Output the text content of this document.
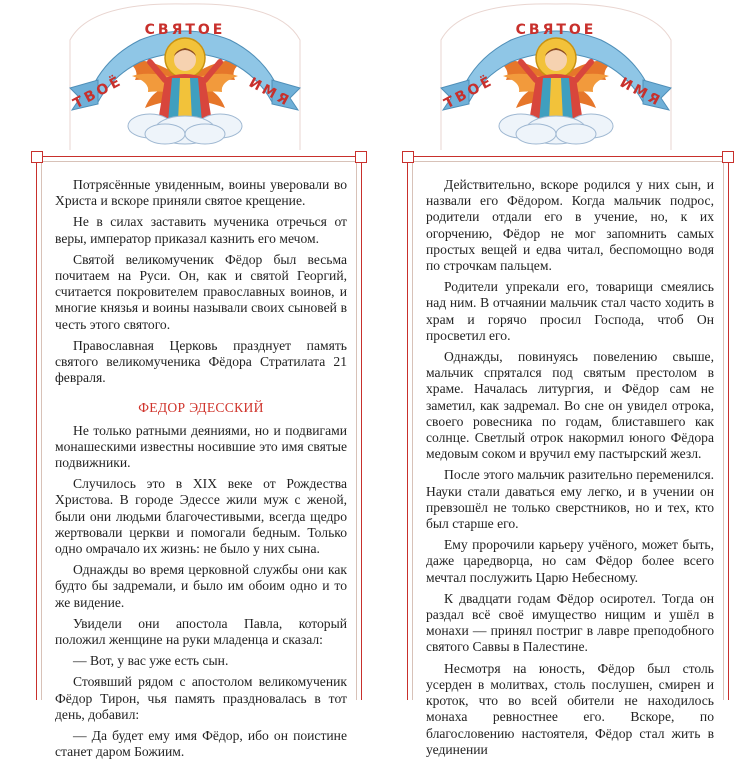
СВЯТОЕ
ТВОЁ	ИМЯ

Потрясённые увиденным, воины уверовали во Христа и вскоре приняли святое крещение.

Не в силах заставить мученика отречься от веры, император приказал казнить его мечом.

Святой великомученик Фёдор был весьма почитаем на Руси. Он, как и святой Георгий, считается покровителем православных воинов, и многие князья и воины называли своих сыновей в честь этого святого.

Православная Церковь празднует память святого великомученика Фёдора Стратилата 21 февраля.

ФЕДОР ЭДЕССКИЙ

Не только ратными деяниями, но и подвигами монашескими известны носившие это имя святые подвижники.

Случилось это в XIX веке от Рождества Христова. В городе Эдессе жили муж с женой, были они людьми благочестивыми, всегда щедро жертвовали церкви и помогали бедным. Только одно омрачало их жизнь: не было у них сына.

Однажды во время церковной службы они как будто бы задремали, и было им обоим одно и то же видение.

Увидели они апостола Павла, который положил женщине на руки младенца и сказал:

— Вот, у вас уже есть сын.

Стоявший рядом с апостолом великомученик Фёдор Тирон, чья память праздновалась в тот день, добавил:

— Да будет ему имя Фёдор, ибо он поистине станет даром Божиим.

СВЯТОЕ
ТВОЁ	ИМЯ

Действительно, вскоре родился у них сын, и назвали его Фёдором. Когда мальчик подрос, родители отдали его в учение, но, к их огорчению, Фёдор не мог запомнить самых простых вещей и едва читал, беспомощно водя по строчкам пальцем.

Родители упрекали его, товарищи смеялись над ним. В отчаянии мальчик стал часто ходить в храм и горячо просил Господа, чтоб Он просветил его.

Однажды, повинуясь повелению свыше, мальчик спрятался под святым престолом в храме. Началась литургия, и Фёдор сам не заметил, как задремал. Во сне он увидел отрока, своего ровесника по годам, блиставшего как солнце. Светлый отрок накормил юного Фёдора медовым соком и вручил ему пастырский жезл.

После этого мальчик разительно переменился. Науки стали даваться ему легко, и в учении он превзошёл не только сверстников, но и тех, кто был старше его.

Ему пророчили карьеру учёного, может быть, даже царедворца, но сам Фёдор более всего мечтал послужить Царю Небесному.

К двадцати годам Фёдор осиротел. Тогда он раздал всё своё имущество нищим и ушёл в монахи — принял постриг в лавре преподобного святого Саввы в Палестине.

Несмотря на юность, Фёдор был столь усерден в молитвах, столь послушен, смирен и кроток, что во всей обители не находилось монаха ревностнее его. Вскоре, по благословению настоятеля, Фёдор стал жить в уединении
